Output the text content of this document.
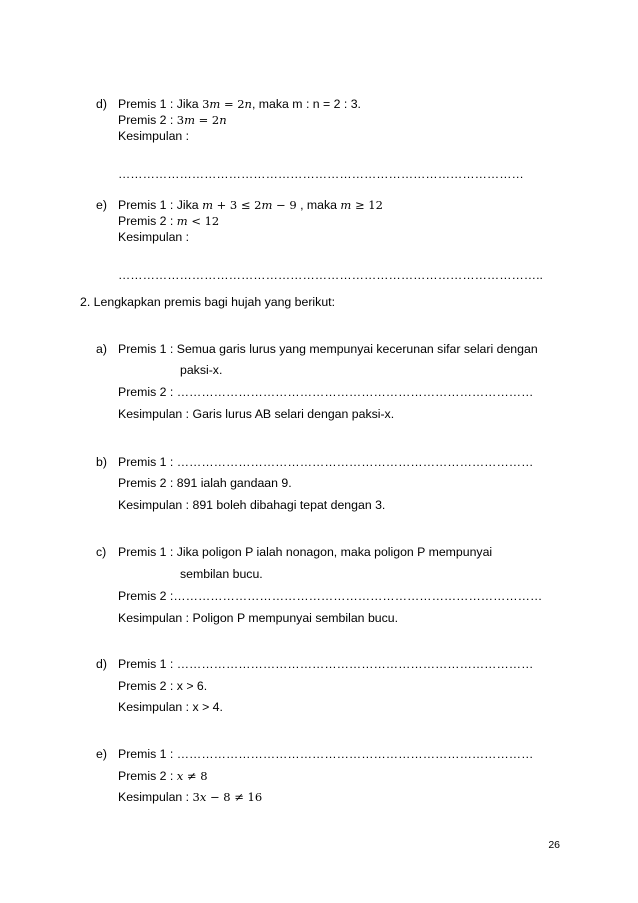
d) Premis 1 : Jika 3𝑚 = 2𝑛, maka m : n = 2 : 3.
Premis 2 : 3𝑚 = 2𝑛
Kesimpulan :
………………………………………………………………………………………
e) Premis 1 : Jika 𝑚 + 3 ≤ 2𝑚 − 9 , maka 𝑚 ≥ 12
Premis 2 : 𝑚 < 12
Kesimpulan :
…………………………………………………………………………………………..
2. Lengkapkan premis bagi hujah yang berikut:
a) Premis 1 : Semua garis lurus yang mempunyai kecerunan sifar selari dengan
paksi-x.
Premis 2 : ……………………………………………………………………………
Kesimpulan : Garis lurus AB selari dengan paksi-x.
b) Premis 1 : ……………………………………………………………………………
Premis 2 : 891 ialah gandaan 9.
Kesimpulan : 891 boleh dibahagi tepat dengan 3.
c) Premis 1 : Jika poligon P ialah nonagon, maka poligon P mempunyai
sembilan bucu.
Premis 2 :………………………………………………………………………………
Kesimpulan : Poligon P mempunyai sembilan bucu.
d) Premis 1 : ……………………………………………………………………………
Premis 2 : x > 6.
Kesimpulan : x > 4.
e) Premis 1 : ……………………………………………………………………………
Premis 2 : 𝑥 ≠ 8
Kesimpulan : 3𝑥 − 8 ≠ 16
26
